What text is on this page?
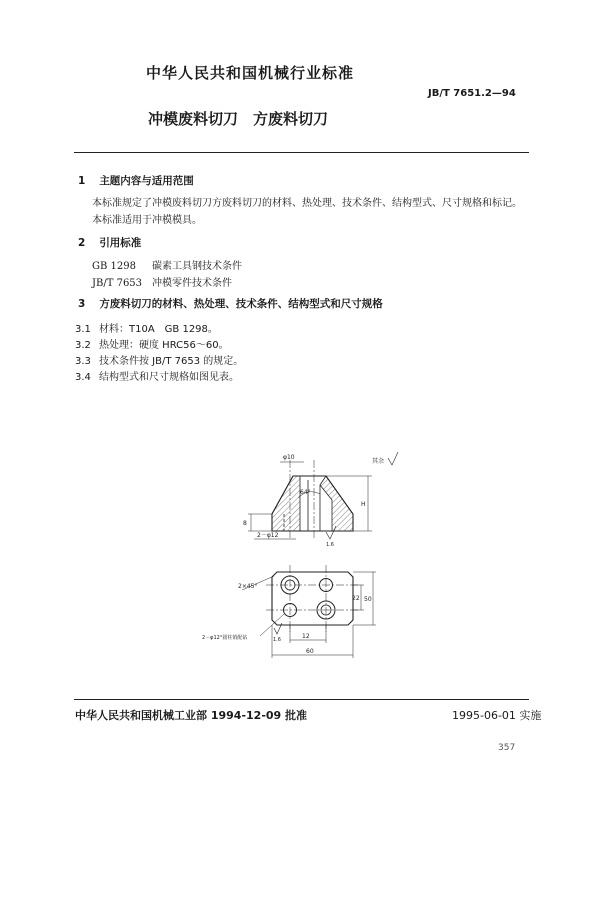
中华人民共和国机械行业标准
JB/T 7651.2—94
冲模废料切刀　方废料切刀
1 主题内容与适用范围
本标准规定了冲模废料切刀方废料切刀的材料、热处理、技术条件、结构型式、尺寸规格和标记。
本标准适用于冲模模具。
2 引用标准
GB 1298 碳素工具钢技术条件
JB/T 7653 冲模零件技术条件
3 方废料切刀的材料、热处理、技术条件、结构型式和尺寸规格
3.1 材料：T10A　GB 1298。
3.2 热处理：硬度 HRC56～60。
3.3 技术条件按 JB/T 7653 的规定。
3.4 结构型式和尺寸规格如图见表。
φ10
64°
H
8
2－φ12
1.6
其余
2×45°
22 50
12
60
2－φ12°圆柱销配钻	1.6
中华人民共和国机械工业部 1994-12-09 批准	1995-06-01 实施
357
